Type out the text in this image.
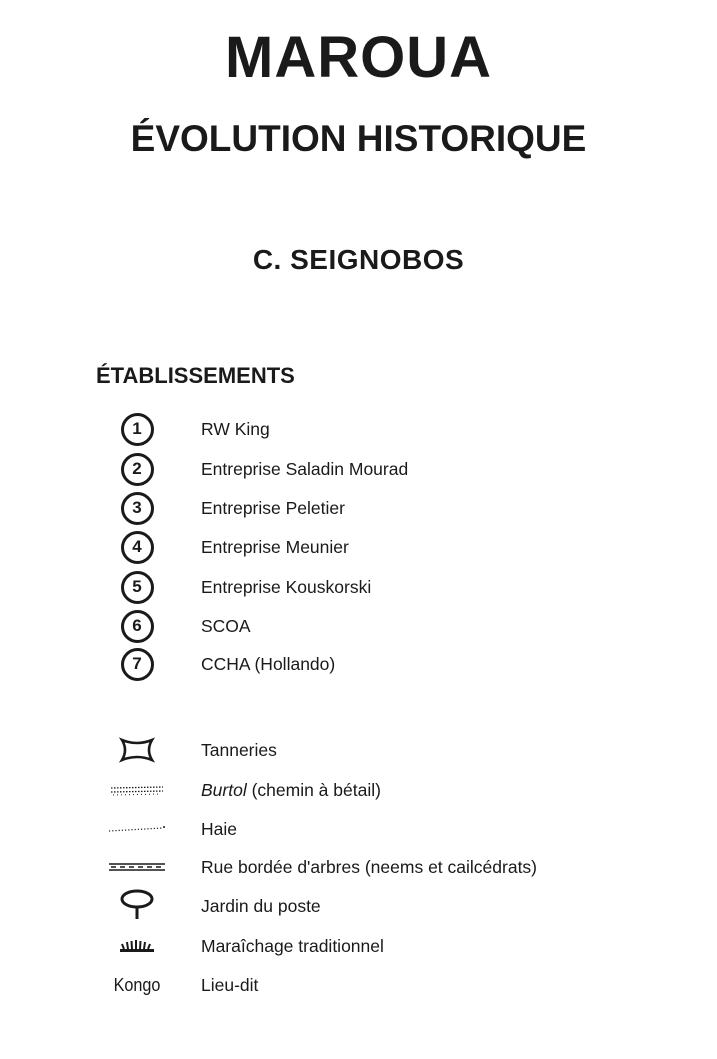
MAROUA
ÉVOLUTION HISTORIQUE
C. SEIGNOBOS
ÉTABLISSEMENTS
1	RW King
2	Entreprise Saladin Mourad
3	Entreprise Peletier
4	Entreprise Meunier
5	Entreprise Kouskorski
6	SCOA
7	CCHA (Hollando)
Tanneries
Burtol (chemin à bétail)
Haie
Rue bordée d'arbres (neems et cailcédrats)
Jardin du poste
Maraîchage traditionnel
Kongo Lieu-dit
